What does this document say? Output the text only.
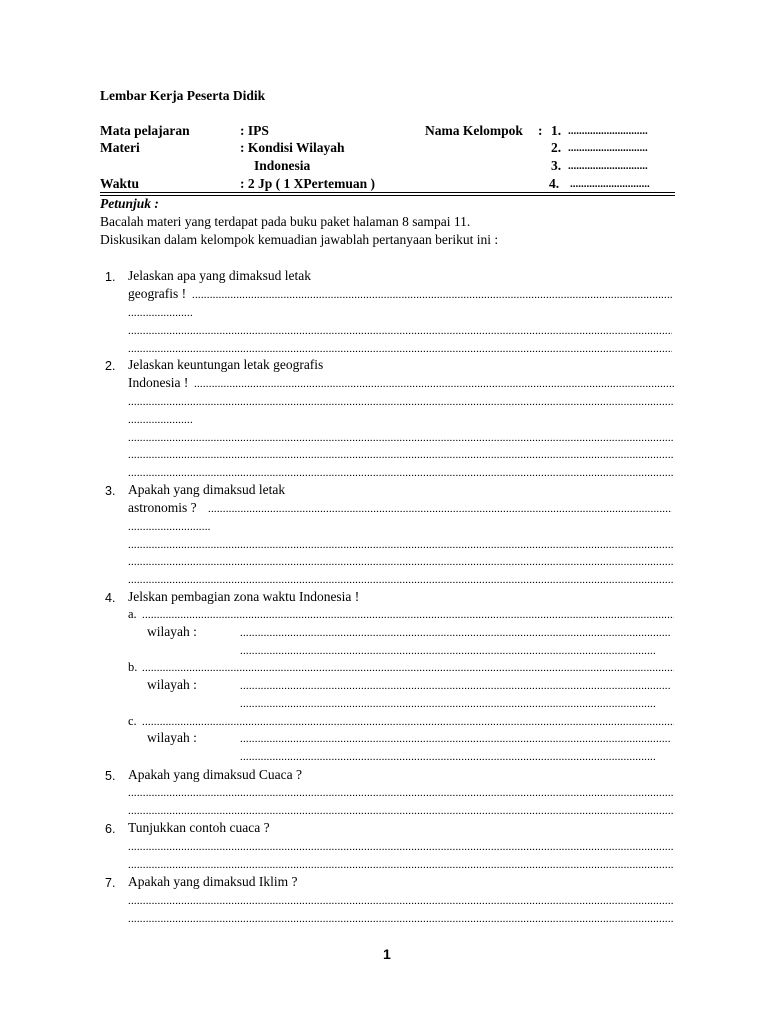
Lembar Kerja Peserta Didik
Mata pelajaran	: IPS
Materi	: Kondisi Wilayah
Indonesia
Waktu	: 2 Jp ( 1 XPertemuan )
Nama Kelompok : 1. .............................
2. .............................
3. .............................
4. .............................
Petunjuk :
Bacalah materi yang terdapat pada buku paket halaman 8 sampai 11.
Diskusikan dalam kelompok kemuadian jawablah pertanyaan berikut ini :
1. Jelaskan apa yang dimaksud letak
geografis !
.....
.....
.....
.....
2. Jelaskan keuntungan letak geografis
Indonesia !
.....
.....
.....
.....
.....
.....
3. Apakah yang dimaksud letak
astronomis ?
.....
.....
.....
.....
.....
4. Jelskan pembagian zona waktu Indonesia !
a.
.....
wilayah :
.....
.....
b.
.....
wilayah :
.....
.....
c.
.....
wilayah :
.....
.....
5. Apakah yang dimaksud Cuaca ?
.....
.....
6. Tunjukkan contoh cuaca ?
.....
.....
7. Apakah yang dimaksud Iklim ?
.....
.....
1
